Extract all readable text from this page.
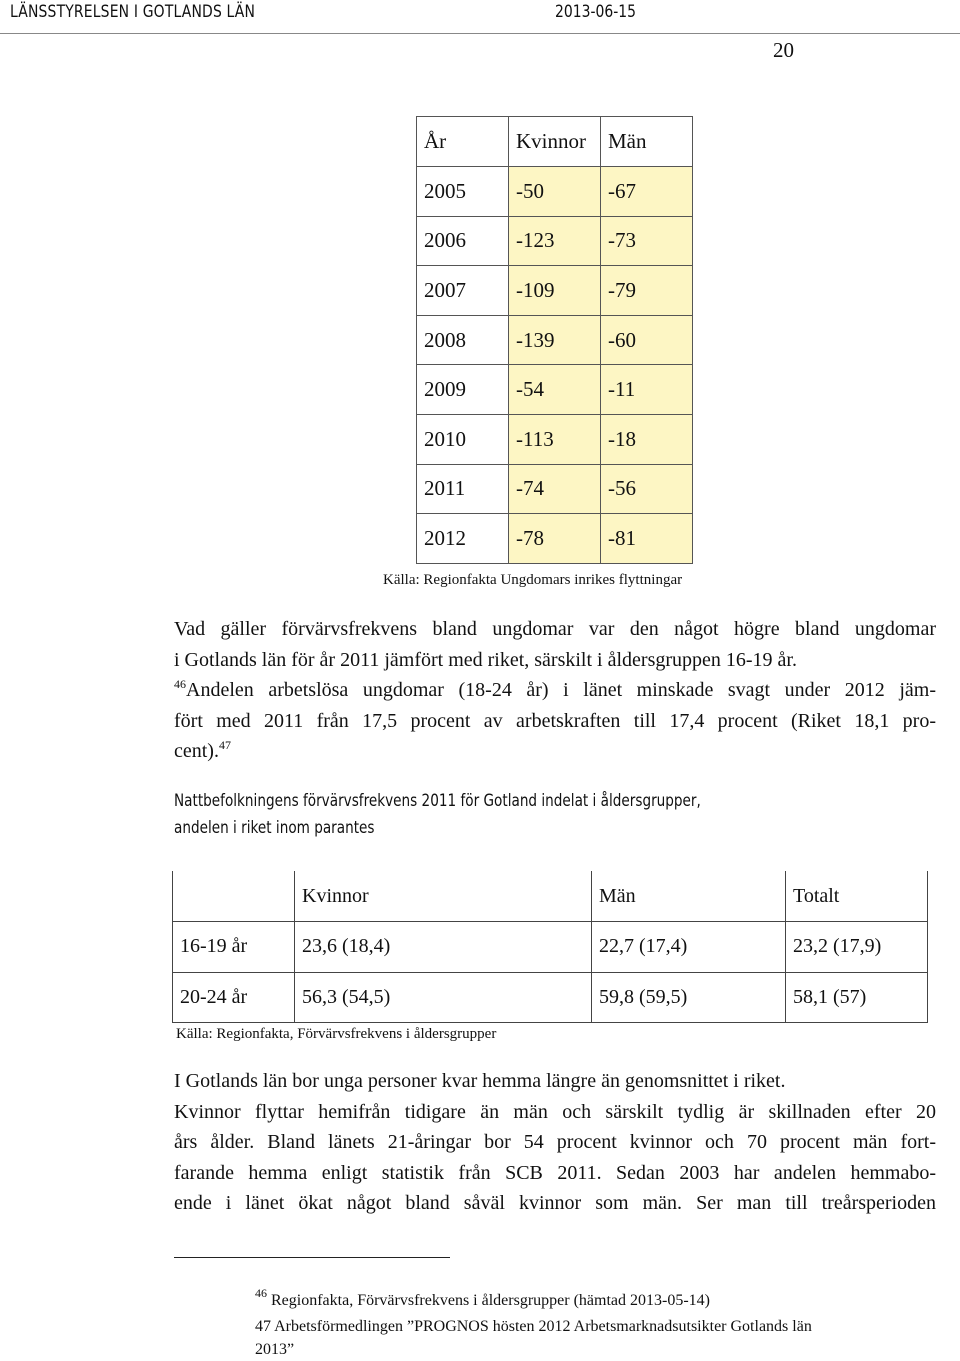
LÄNSSTYRELSEN I GOTLANDS LÄN	2013-06-15
20
År	Kvinnor	Män
2005	-50	-67
2006	-123	-73
2007	-109	-79
2008	-139	-60
2009	-54	-11
2010	-113	-18
2011	-74	-56
2012	-78	-81
Källa: Regionfakta Ungdomars inrikes flyttningar
Vad gäller förvärvsfrekvens bland ungdomar var den något högre bland ungdomar
i Gotlands län för år 2011 jämfört med riket, särskilt i åldersgruppen 16-19 år.
$^{46}$Andelen arbetslösa ungdomar (18-24 år) i länet minskade svagt under 2012 jäm-
fört med 2011 från 17,5 procent av arbetskraften till 17,4 procent (Riket 18,1 pro-
cent).$^{47}$
Nattbefolkningens förvärvsfrekvens 2011 för Gotland indelat i åldersgrupper,
andelen i riket inom parantes
	Kvinnor	Män	Totalt
16-19 år	23,6 (18,4)	22,7 (17,4)	23,2 (17,9)
20-24 år	56,3 (54,5)	59,8 (59,5)	58,1 (57)
Källa: Regionfakta, Förvärvsfrekvens i åldersgrupper
I Gotlands län bor unga personer kvar hemma längre än genomsnittet i riket.
Kvinnor flyttar hemifrån tidigare än män och särskilt tydlig är skillnaden efter 20
års ålder. Bland länets 21-åringar bor 54 procent kvinnor och 70 procent män fort-
farande hemma enligt statistik från SCB 2011. Sedan 2003 har andelen hemmabo-
ende i länet ökat något bland såväl kvinnor som män. Ser man till treårsperioden
$^{46}$ Regionfakta, Förvärvsfrekvens i åldersgrupper (hämtad 2013-05-14)
47 Arbetsförmedlingen ”PROGNOS hösten 2012 Arbetsmarknadsutsikter Gotlands län
2013”
